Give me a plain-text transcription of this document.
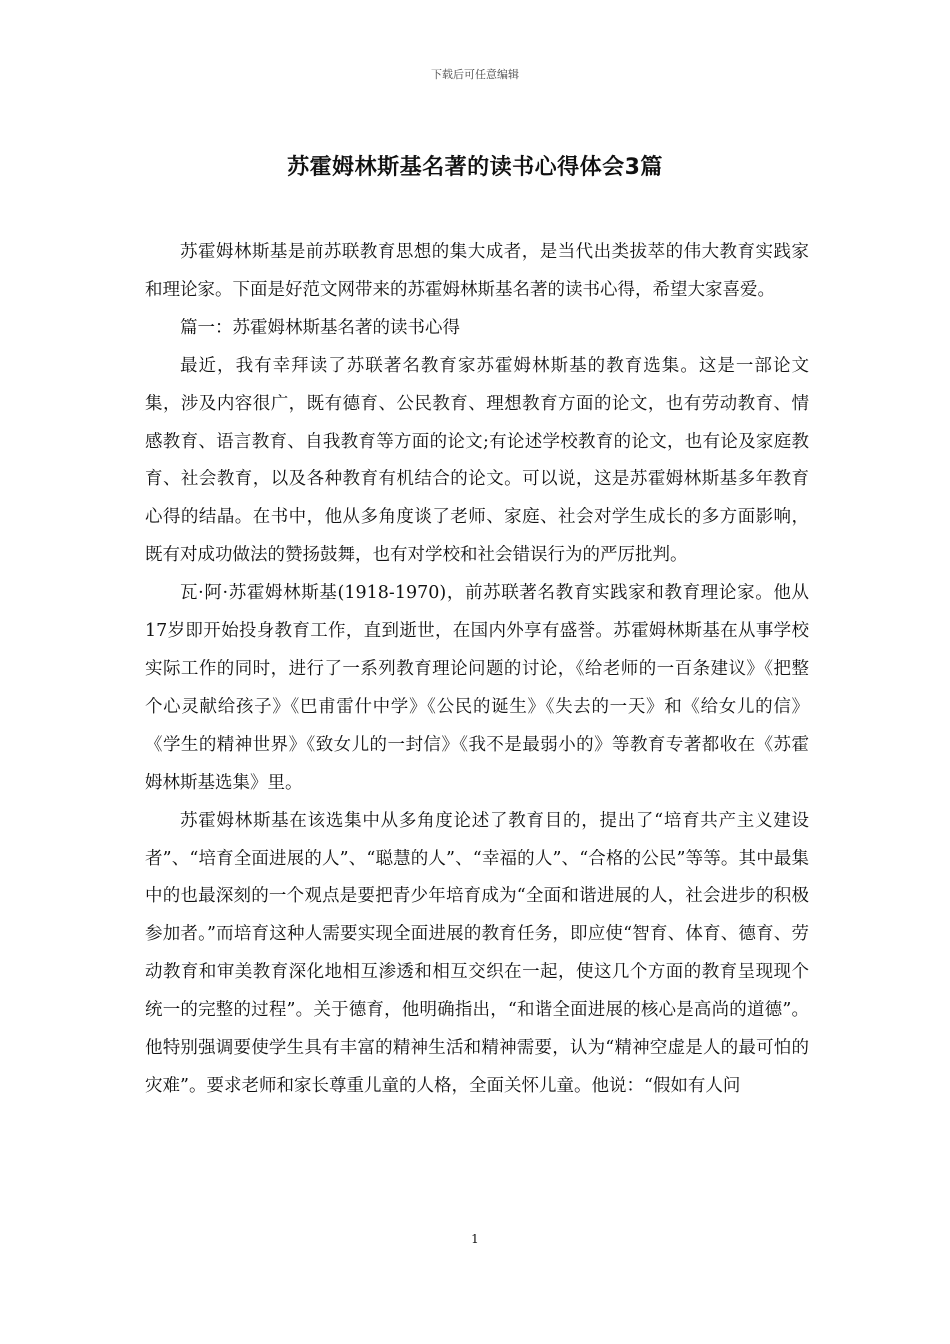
下载后可任意编辑
苏霍姆林斯基名著的读书心得体会3篇

苏霍姆林斯基是前苏联教育思想的集大成者，是当代出类拔萃的伟大教育实践家和理论家。下面是好范文网带来的苏霍姆林斯基名著的读书心得，希望大家喜爱。

篇一：苏霍姆林斯基名著的读书心得

最近，我有幸拜读了苏联著名教育家苏霍姆林斯基的教育选集。这是一部论文集，涉及内容很广，既有德育、公民教育、理想教育方面的论文，也有劳动教育、情感教育、语言教育、自我教育等方面的论文;有论述学校教育的论文，也有论及家庭教育、社会教育，以及各种教育有机结合的论文。可以说，这是苏霍姆林斯基多年教育心得的结晶。在书中，他从多角度谈了老师、家庭、社会对学生成长的多方面影响，既有对成功做法的赞扬鼓舞，也有对学校和社会错误行为的严厉批判。

瓦·阿·苏霍姆林斯基(1918-1970)，前苏联著名教育实践家和教育理论家。他从17岁即开始投身教育工作，直到逝世，在国内外享有盛誉。苏霍姆林斯基在从事学校实际工作的同时，进行了一系列教育理论问题的讨论，《给老师的一百条建议》《把整个心灵献给孩子》《巴甫雷什中学》《公民的诞生》《失去的一天》和《给女儿的信》《学生的精神世界》《致女儿的一封信》《我不是最弱小的》等教育专著都收在《苏霍姆林斯基选集》里。

苏霍姆林斯基在该选集中从多角度论述了教育目的，提出了“培育共产主义建设者”、“培育全面进展的人”、“聪慧的人”、“幸福的人”、“合格的公民”等等。其中最集中的也最深刻的一个观点是要把青少年培育成为“全面和谐进展的人，社会进步的积极参加者。”而培育这种人需要实现全面进展的教育任务，即应使“智育、体育、德育、劳动教育和审美教育深化地相互渗透和相互交织在一起，使这几个方面的教育呈现现个统一的完整的过程”。关于德育，他明确指出，“和谐全面进展的核心是高尚的道德”。他特别强调要使学生具有丰富的精神生活和精神需要，认为“精神空虚是人的最可怕的灾难”。要求老师和家长尊重儿童的人格，全面关怀儿童。他说：“假如有人问

1
